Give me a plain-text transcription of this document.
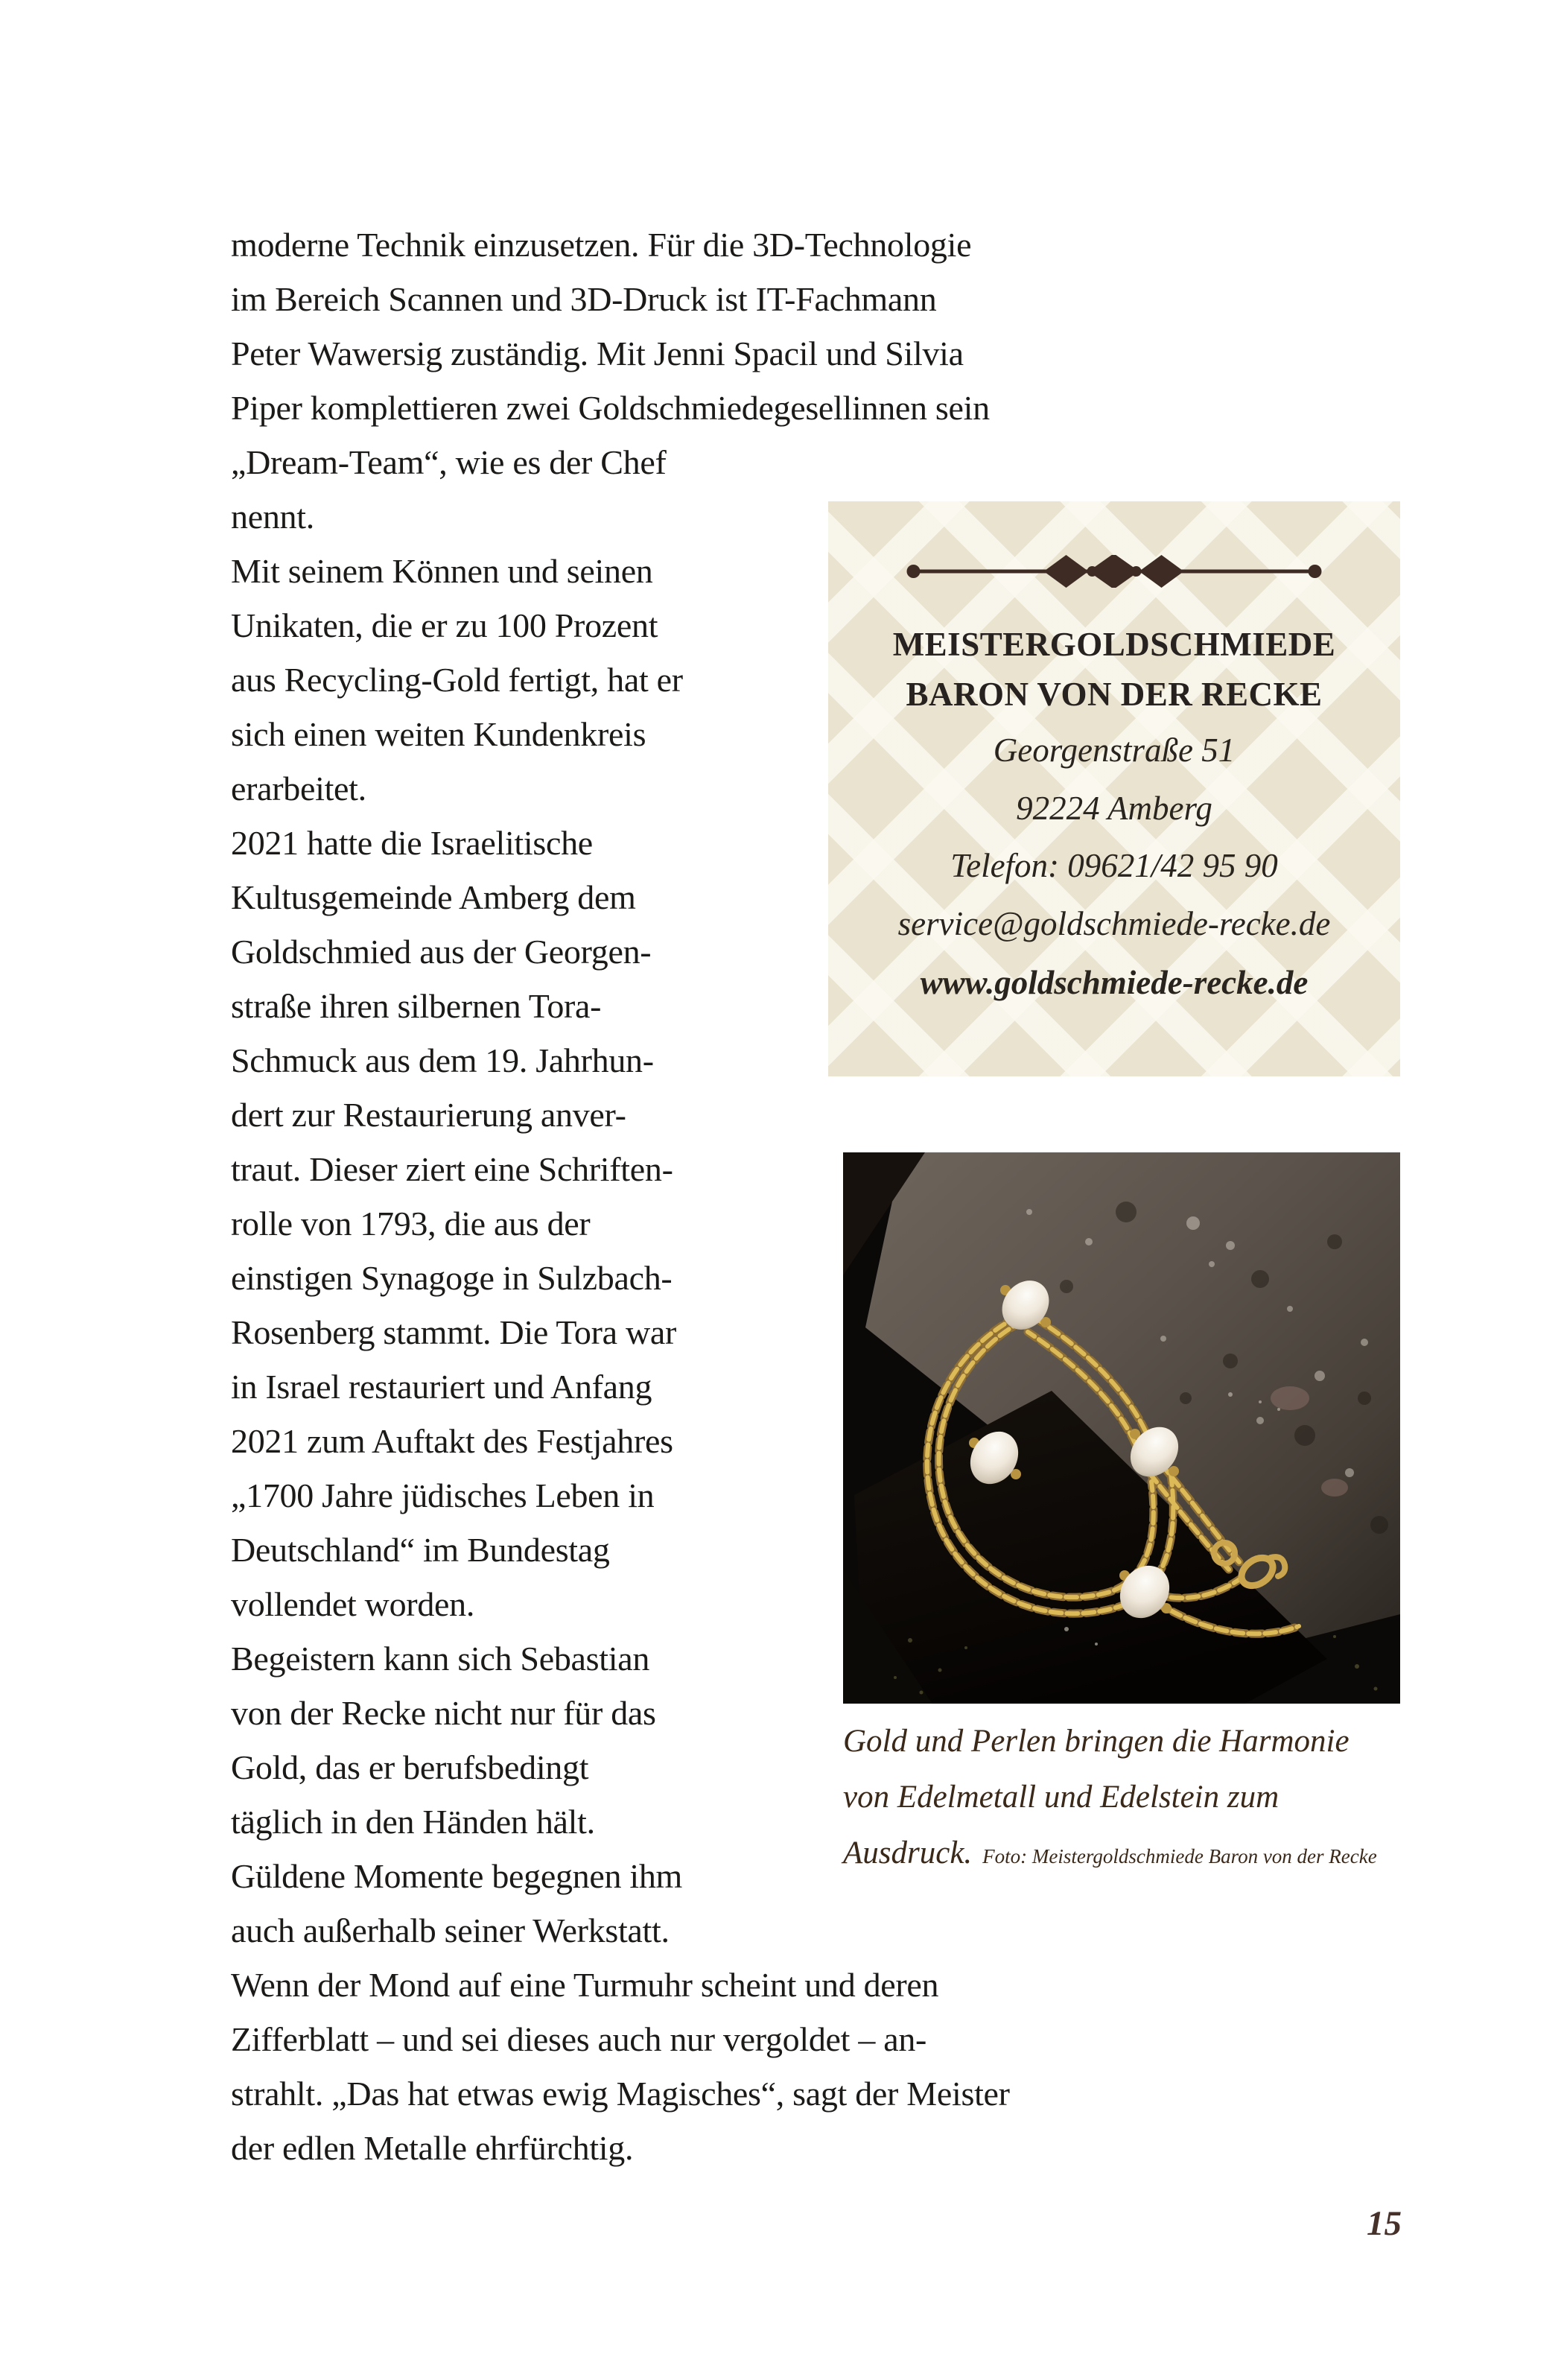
moderne Technik einzusetzen. Für die 3D-Technologie
im Bereich Scannen und 3D-Druck ist IT-Fachmann
Peter Wawersig zuständig. Mit Jenni Spacil und Silvia
Piper komplettieren zwei Goldschmiedegesellinnen sein
„Dream-Team“, wie es der Chef
nennt.
Mit seinem Können und seinen
Unikaten, die er zu 100 Prozent
aus Recycling-Gold fertigt, hat er
sich einen weiten Kundenkreis
erarbeitet.
2021 hatte die Israelitische
Kultusgemeinde Amberg dem
Goldschmied aus der Georgen-
straße ihren silbernen Tora-
Schmuck aus dem 19. Jahrhun-
dert zur Restaurierung anver-
traut. Dieser ziert eine Schriften-
rolle von 1793, die aus der
einstigen Synagoge in Sulzbach-
Rosenberg stammt. Die Tora war
in Israel restauriert und Anfang
2021 zum Auftakt des Festjahres
„1700 Jahre jüdisches Leben in
Deutschland“ im Bundestag
vollendet worden.
Begeistern kann sich Sebastian
von der Recke nicht nur für das
Gold, das er berufsbedingt
täglich in den Händen hält.
Güldene Momente begegnen ihm
auch außerhalb seiner Werkstatt.
Wenn der Mond auf eine Turmuhr scheint und deren
Zifferblatt – und sei dieses auch nur vergoldet – an-
strahlt. „Das hat etwas ewig Magisches“, sagt der Meister
der edlen Metalle ehrfürchtig.
MEISTERGOLDSCHMIEDE
BARON VON DER RECKE
Georgenstraße 51
92224 Amberg
Telefon: 09621/42 95 90
service@goldschmiede-recke.de
www.goldschmiede-recke.de
Gold und Perlen bringen die Harmonie
von Edelmetall und Edelstein zum
Ausdruck. Foto: Meistergoldschmiede Baron von der Recke
15
